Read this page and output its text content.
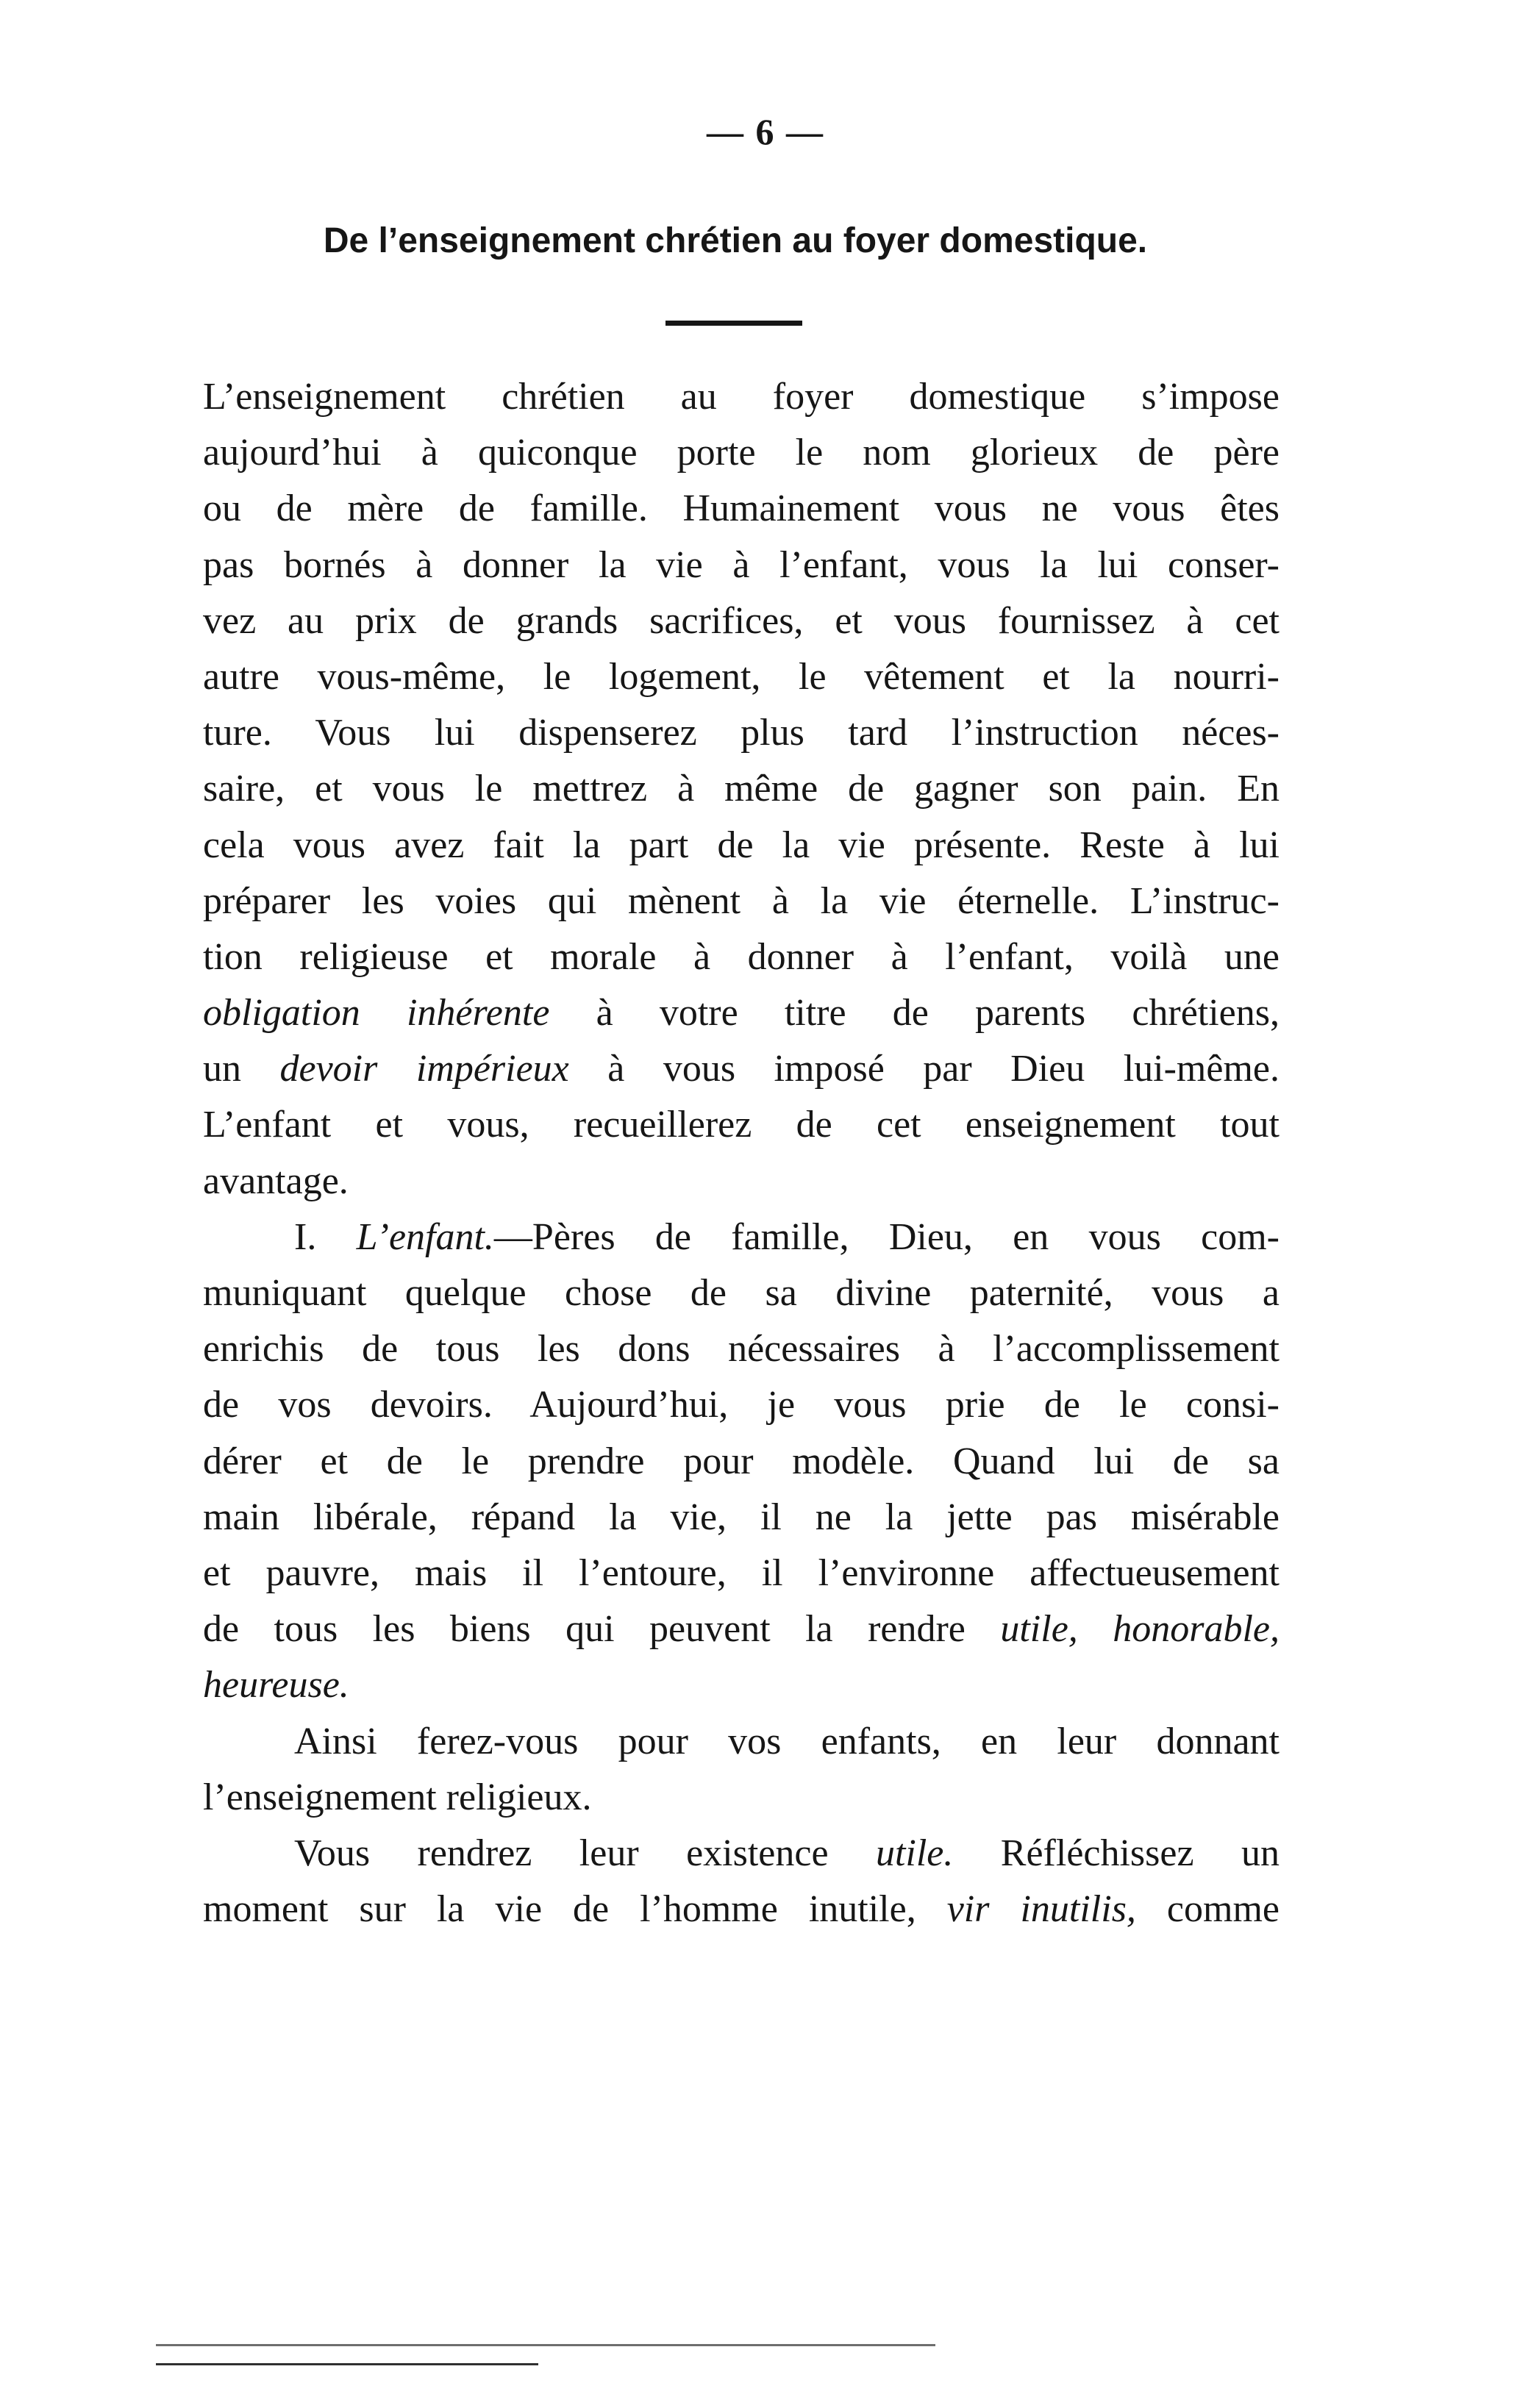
— 6 —
De l’enseignement chrétien au foyer domestique.
L’enseignement chrétien au foyer domestique s’impose
aujourd’hui à quiconque porte le nom glorieux de père
ou de mère de famille. Humainement vous ne vous êtes
pas bornés à donner la vie à l’enfant, vous la lui conser-
vez au prix de grands sacrifices, et vous fournissez à cet
autre vous-même, le logement, le vêtement et la nourri-
ture. Vous lui dispenserez plus tard l’instruction néces-
saire, et vous le mettrez à même de gagner son pain. En
cela vous avez fait la part de la vie présente. Reste à lui
préparer les voies qui mènent à la vie éternelle. L’instruc-
tion religieuse et morale à donner à l’enfant, voilà une
obligation inhérente à votre titre de parents chrétiens,
un devoir impérieux à vous imposé par Dieu lui-même.
L’enfant et vous, recueillerez de cet enseignement tout
avantage.
I. L’enfant.—Pères de famille, Dieu, en vous com-
muniquant quelque chose de sa divine paternité, vous a
enrichis de tous les dons nécessaires à l’accomplissement
de vos devoirs. Aujourd’hui, je vous prie de le consi-
dérer et de le prendre pour modèle. Quand lui de sa
main libérale, répand la vie, il ne la jette pas misérable
et pauvre, mais il l’entoure, il l’environne affectueusement
de tous les biens qui peuvent la rendre utile, honorable,
heureuse.
Ainsi ferez-vous pour vos enfants, en leur donnant
l’enseignement religieux.
Vous rendrez leur existence utile. Réfléchissez un
moment sur la vie de l’homme inutile, vir inutilis, comme
